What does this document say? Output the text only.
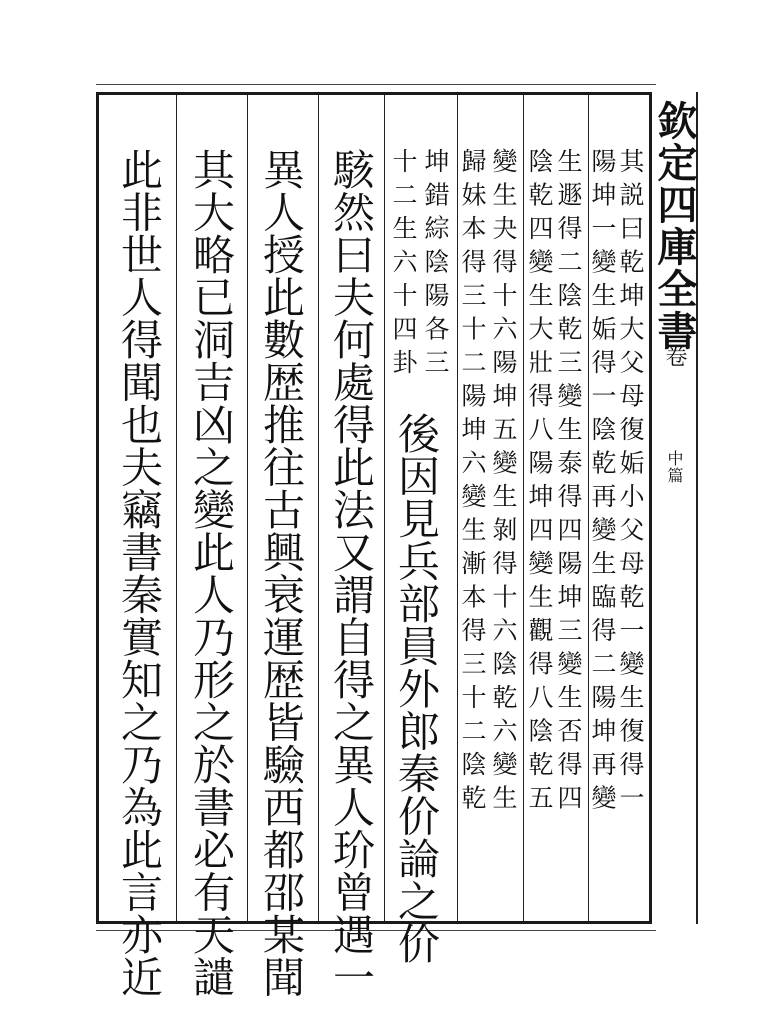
欽定四庫全書
卷
中篇
其説曰乾坤大父母復姤小父母乾一變生復得一
陽坤一變生姤得一陰乾再變生臨得二陽坤再變
生遯得二陰乾三變生泰得四陽坤三變生否得四
陰乾四變生大壯得八陽坤四變生觀得八陰乾五
變生夬得十六陽坤五變生剝得十六陰乾六變生
歸妹本得三十二陽坤六變生漸本得三十二陰乾
坤錯綜陰陽各三
十二生六十四卦
後因見兵部員外郎秦价論之价
駭然曰夫何處得此法又謂自得之異人玠曾遇一
異人授此數歴推往古興衰運歴皆驗西都邵某聞
其大略已洞吉凶之變此人乃形之於書必有天譴
此非世人得聞也夫竊書秦實知之乃為此言亦近
